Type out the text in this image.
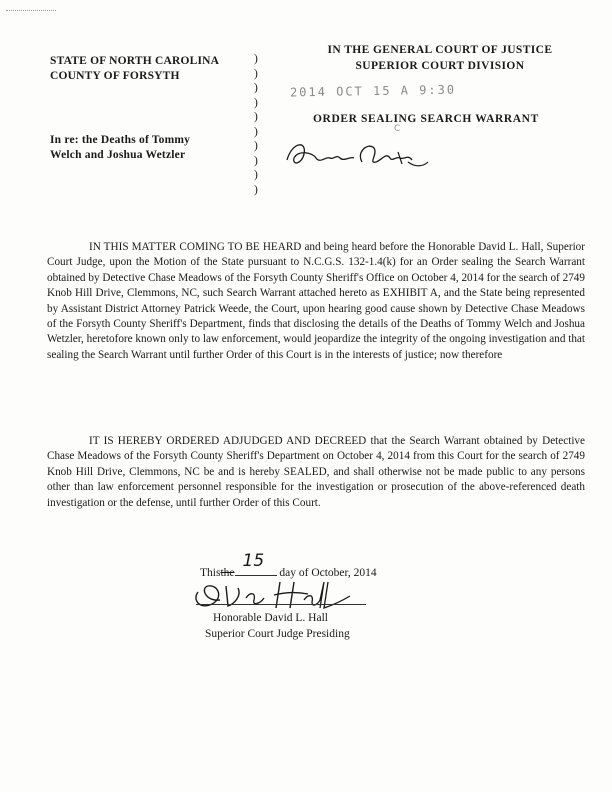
STATE OF NORTH CAROLINA
COUNTY OF FORSYTH
In re: the Deaths of Tommy
Welch and Joshua Wetzler
)
)
)
)
)
)
)
)
)
)
IN THE GENERAL COURT OF JUSTICE
SUPERIOR COURT DIVISION
2014 OCT 15 A 9:30
ORDER SEALING SEARCH WARRANT
C

IN THIS MATTER COMING TO BE HEARD and being heard before the Honorable David L. Hall, Superior Court Judge, upon the Motion of the State pursuant to N.C.G.S. 132-1.4(k) for an Order sealing the Search Warrant obtained by Detective Chase Meadows of the Forsyth County Sheriff's Office on October 4, 2014 for the search of 2749 Knob Hill Drive, Clemmons, NC, such Search Warrant attached hereto as EXHIBIT A, and the State being represented by Assistant District Attorney Patrick Weede, the Court, upon hearing good cause shown by Detective Chase Meadows of the Forsyth County Sheriff's Department, finds that disclosing the details of the Deaths of Tommy Welch and Joshua Wetzler, heretofore known only to law enforcement, would jeopardize the integrity of the ongoing investigation and that sealing the Search Warrant until further Order of this Court is in the interests of justice; now therefore

IT IS HEREBY ORDERED ADJUDGED AND DECREED that the Search Warrant obtained by Detective Chase Meadows of the Forsyth County Sheriff's Department on October 4, 2014 from this Court for the search of 2749 Knob Hill Drive, Clemmons, NC be and is hereby SEALED, and shall otherwise not be made public to any persons other than law enforcement personnel responsible for the investigation or prosecution of the above-referenced death investigation or the defense, until further Order of this Court.

Thisthe
15
day of October, 2014
Honorable David L. Hall
Superior Court Judge Presiding
